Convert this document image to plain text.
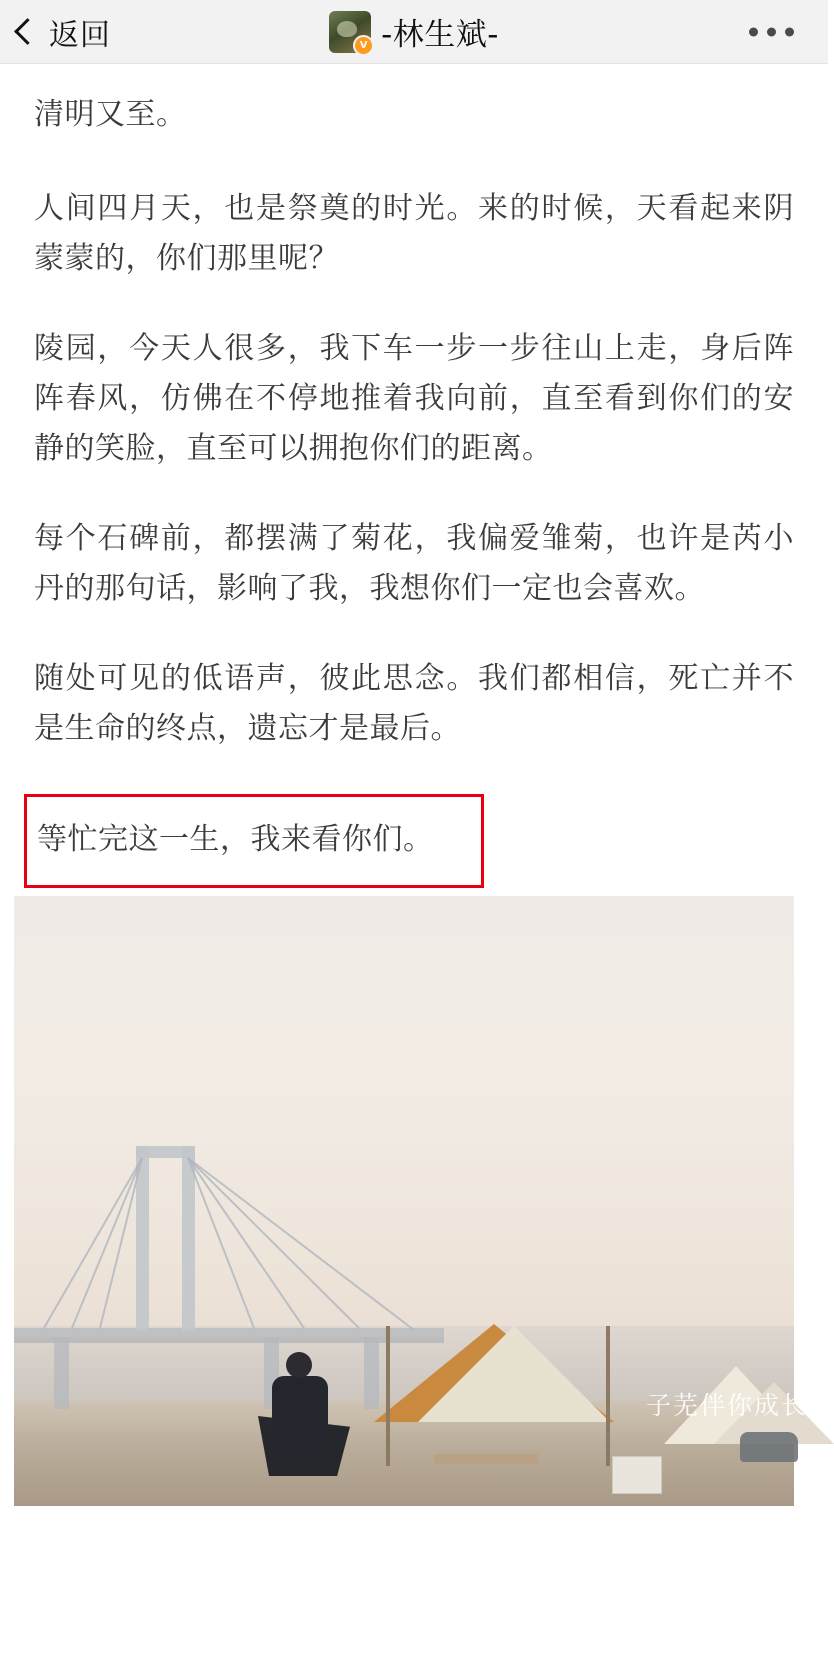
返回	V -林生斌-

清明又至。

人间四月天，也是祭奠的时光。来的时候，天看起来阴蒙蒙的，你们那里呢？

陵园，今天人很多，我下车一步一步往山上走，身后阵阵春风，仿佛在不停地推着我向前，直至看到你们的安静的笑脸，直至可以拥抱你们的距离。

每个石碑前，都摆满了菊花，我偏爱雏菊，也许是芮小丹的那句话，影响了我，我想你们一定也会喜欢。

随处可见的低语声，彼此思念。我们都相信，死亡并不是生命的终点，遗忘才是最后。

等忙完这一生，我来看你们。

子芜伴你成长
子芜伴你成长
